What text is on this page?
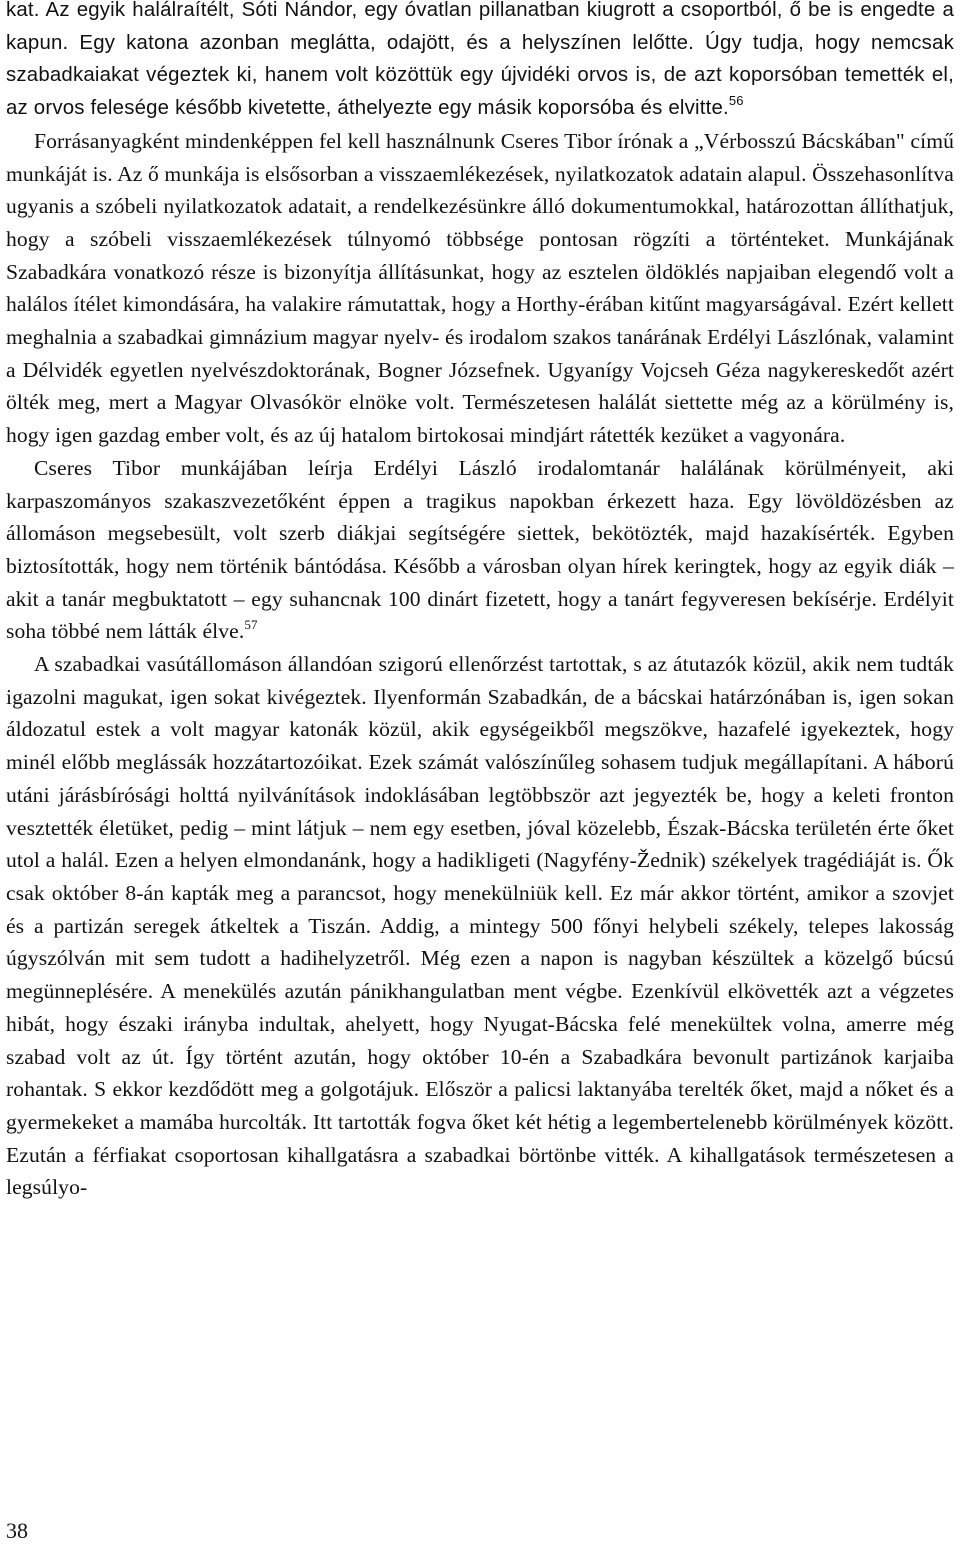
kat. Az egyik halálraítélt, Sóti Nándor, egy óvatlan pillanatban kiugrott a csoportból, ő be is engedte a kapun. Egy katona azonban meglátta, odajött, és a helyszínen lelőtte. Úgy tudja, hogy nemcsak szabadkaiakat végeztek ki, hanem volt közöttük egy újvidéki orvos is, de azt koporsóban temették el, az orvos felesége később kivetette, áthelyezte egy másik koporsóba és elvitte.$^{56}$

Forrásanyagként mindenképpen fel kell használnunk Cseres Tibor írónak a „Vérbosszú Bácskában" című munkáját is. Az ő munkája is elsősorban a visszaemlékezések, nyilatkozatok adatain alapul. Összehasonlítva ugyanis a szóbeli nyilatkozatok adatait, a rendelkezésünkre álló dokumentumokkal, határozottan állíthatjuk, hogy a szóbeli visszaemlékezések túlnyomó többsége pontosan rögzíti a történteket. Munkájának Szabadkára vonatkozó része is bizonyítja állításunkat, hogy az esztelen öldöklés napjaiban elegendő volt a halálos ítélet kimondására, ha valakire rámutattak, hogy a Horthy-érában kitűnt magyarságával. Ezért kellett meghalnia a szabadkai gimnázium magyar nyelv- és irodalom szakos tanárának Erdélyi Lászlónak, valamint a Délvidék egyetlen nyelvészdoktorának, Bogner Józsefnek. Ugyanígy Vojcseh Géza nagykereskedőt azért ölték meg, mert a Magyar Olvasókör elnöke volt. Természetesen halálát siettette még az a körülmény is, hogy igen gazdag ember volt, és az új hatalom birtokosai mindjárt rátették kezüket a vagyonára.

Cseres Tibor munkájában leírja Erdélyi László irodalomtanár halálának körülményeit, aki karpaszományos szakaszvezetőként éppen a tragikus napokban érkezett haza. Egy lövöldözésben az állomáson megsebesült, volt szerb diákjai segítségére siettek, bekötözték, majd hazakísérték. Egyben biztosították, hogy nem történik bántódása. Később a városban olyan hírek keringtek, hogy az egyik diák – akit a tanár megbuktatott – egy suhancnak 100 dinárt fizetett, hogy a tanárt fegyveresen bekísérje. Erdélyit soha többé nem látták élve.$^{57}$

A szabadkai vasútállomáson állandóan szigorú ellenőrzést tartottak, s az átutazók közül, akik nem tudták igazolni magukat, igen sokat kivégeztek. Ilyenformán Szabadkán, de a bácskai határzónában is, igen sokan áldozatul estek a volt magyar katonák közül, akik egységeikből megszökve, hazafelé igyekeztek, hogy minél előbb meglássák hozzátartozóikat. Ezek számát valószínűleg sohasem tudjuk megállapítani. A háború utáni járásbírósági holttá nyilvánítások indoklásában legtöbbször azt jegyezték be, hogy a keleti fronton vesztették életüket, pedig – mint látjuk – nem egy esetben, jóval közelebb, Észak-Bácska területén érte őket utol a halál. Ezen a helyen elmondanánk, hogy a hadikligeti (Nagyfény-Žednik) székelyek tragédiáját is. Ők csak október 8-án kapták meg a parancsot, hogy menekülniük kell. Ez már akkor történt, amikor a szovjet és a partizán seregek átkeltek a Tiszán. Addig, a mintegy 500 főnyi helybeli székely, telepes lakosság úgyszólván mit sem tudott a hadihelyzetről. Még ezen a napon is nagyban készültek a közelgő búcsú megünneplésére. A menekülés azután pánikhangulatban ment végbe. Ezenkívül elkövették azt a végzetes hibát, hogy északi irányba indultak, ahelyett, hogy Nyugat-Bácska felé menekültek volna, amerre még szabad volt az út. Így történt azután, hogy október 10-én a Szabadkára bevonult partizánok karjaiba rohantak. S ekkor kezdődött meg a golgotájuk. Először a palicsi laktanyába terelték őket, majd a nőket és a gyermekeket a mamába hurcolták. Itt tartották fogva őket két hétig a legembertelenebb körülmények között. Ezután a férfiakat csoportosan kihallgatásra a szabadkai börtönbe vitték. A kihallgatások természetesen a legsúlyo-

38
